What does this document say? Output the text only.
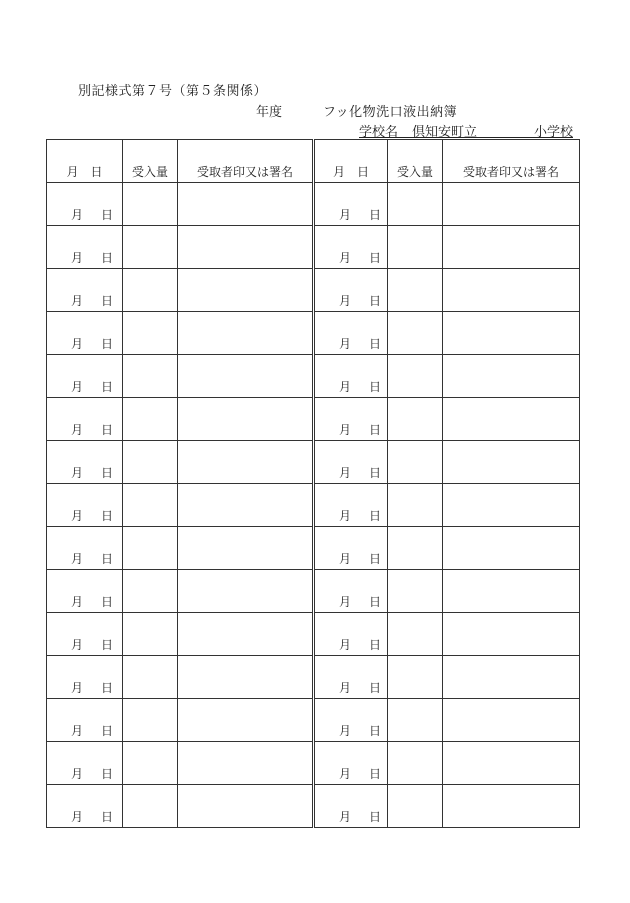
別記様式第７号（第５条関係）
年度	フッ化物洗口液出納簿
学校名 倶知安町立	小学校
月　日	受入量	受取者印又は署名	月　日	受入量	受取者印又は署名
月 日			月 日		
月 日			月 日		
月 日			月 日		
月 日			月 日		
月 日			月 日		
月 日			月 日		
月 日			月 日		
月 日			月 日		
月 日			月 日		
月 日			月 日		
月 日			月 日		
月 日			月 日		
月 日			月 日		
月 日			月 日		
月 日			月 日		
